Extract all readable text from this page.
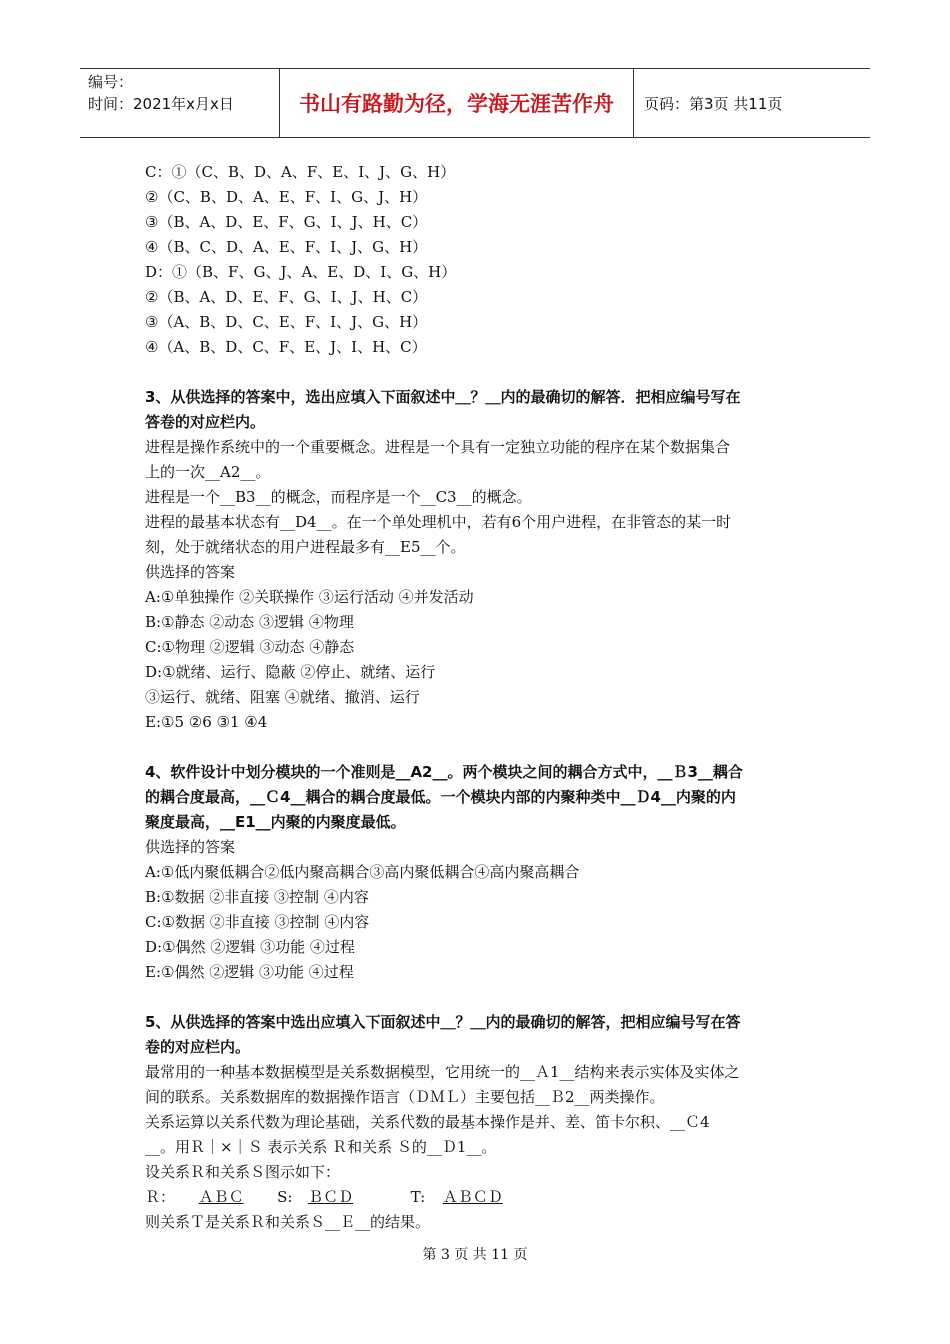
编号：
时间：2021年x月x日	书山有路勤为径，学海无涯苦作舟	页码：第3页 共11页
C：①（C、B、D、A、F、E、I、J、G、H）
②（C、B、D、A、E、F、I、G、J、H）
③（B、A、D、E、F、G、I、J、H、C）
④（B、C、D、A、E、F、I、J、G、H）
D：①（B、F、G、J、A、E、D、I、G、H）
②（B、A、D、E、F、G、I、J、H、C）
③（A、B、D、C、E、F、I、J、G、H）
④（A、B、D、C、F、E、J、I、H、C）
3、从供选择的答案中，选出应填入下面叙述中＿？＿内的最确切的解答．把相应编号写在
答卷的对应栏内。
进程是操作系统中的一个重要概念。进程是一个具有一定独立功能的程序在某个数据集合
上的一次__A2__。
进程是一个__B3__的概念，而程序是一个__C3__的概念。
进程的最基本状态有__D4__。在一个单处理机中，若有6个用户进程，在非管态的某一时
刻，处于就绪状态的用户进程最多有__E5__个。
供选择的答案
A:①单独操作 ②关联操作 ③运行活动 ④并发活动
B:①静态 ②动态 ③逻辑 ④物理
C:①物理 ②逻辑 ③动态 ④静态
D:①就绪、运行、隐蔽 ②停止、就绪、运行
③运行、就绪、阻塞 ④就绪、撤消、运行
E:①5 ②6 ③1 ④4
4、软件设计中划分模块的一个准则是__A2__。两个模块之间的耦合方式中，__Ｂ3__耦合
的耦合度最高，__Ｃ4__耦合的耦合度最低。一个模块内部的内聚种类中__Ｄ4__内聚的内
聚度最高，__E1__内聚的内聚度最低。
供选择的答案
A:①低内聚低耦合②低内聚高耦合③高内聚低耦合④高内聚高耦合
B:①数据 ②非直接 ③控制 ④内容
C:①数据 ②非直接 ③控制 ④内容
D:①偶然 ②逻辑 ③功能 ④过程
E:①偶然 ②逻辑 ③功能 ④过程
5、从供选择的答案中选出应填入下面叙述中＿？＿内的最确切的解答，把相应编号写在答
卷的对应栏内。
最常用的一种基本数据模型是关系数据模型，它用统一的__Ａ1__结构来表示实体及实体之
间的联系。关系数据库的数据操作语言（ＤＭＬ）主要包括__Ｂ2__两类操作。
关系运算以关系代数为理论基础，关系代数的最基本操作是并、差、笛卡尔积、__Ｃ4
__。用Ｒ｜×｜Ｓ 表示关系 Ｒ和关系 Ｓ的__Ｄ1__。
设关系Ｒ和关系Ｓ图示如下：
Ｒ： ＡＢＣ S: ＢＣＤ	T: ＡＢＣＤ
则关系Ｔ是关系Ｒ和关系Ｓ__Ｅ__的结果。
第 3 页 共 11 页
